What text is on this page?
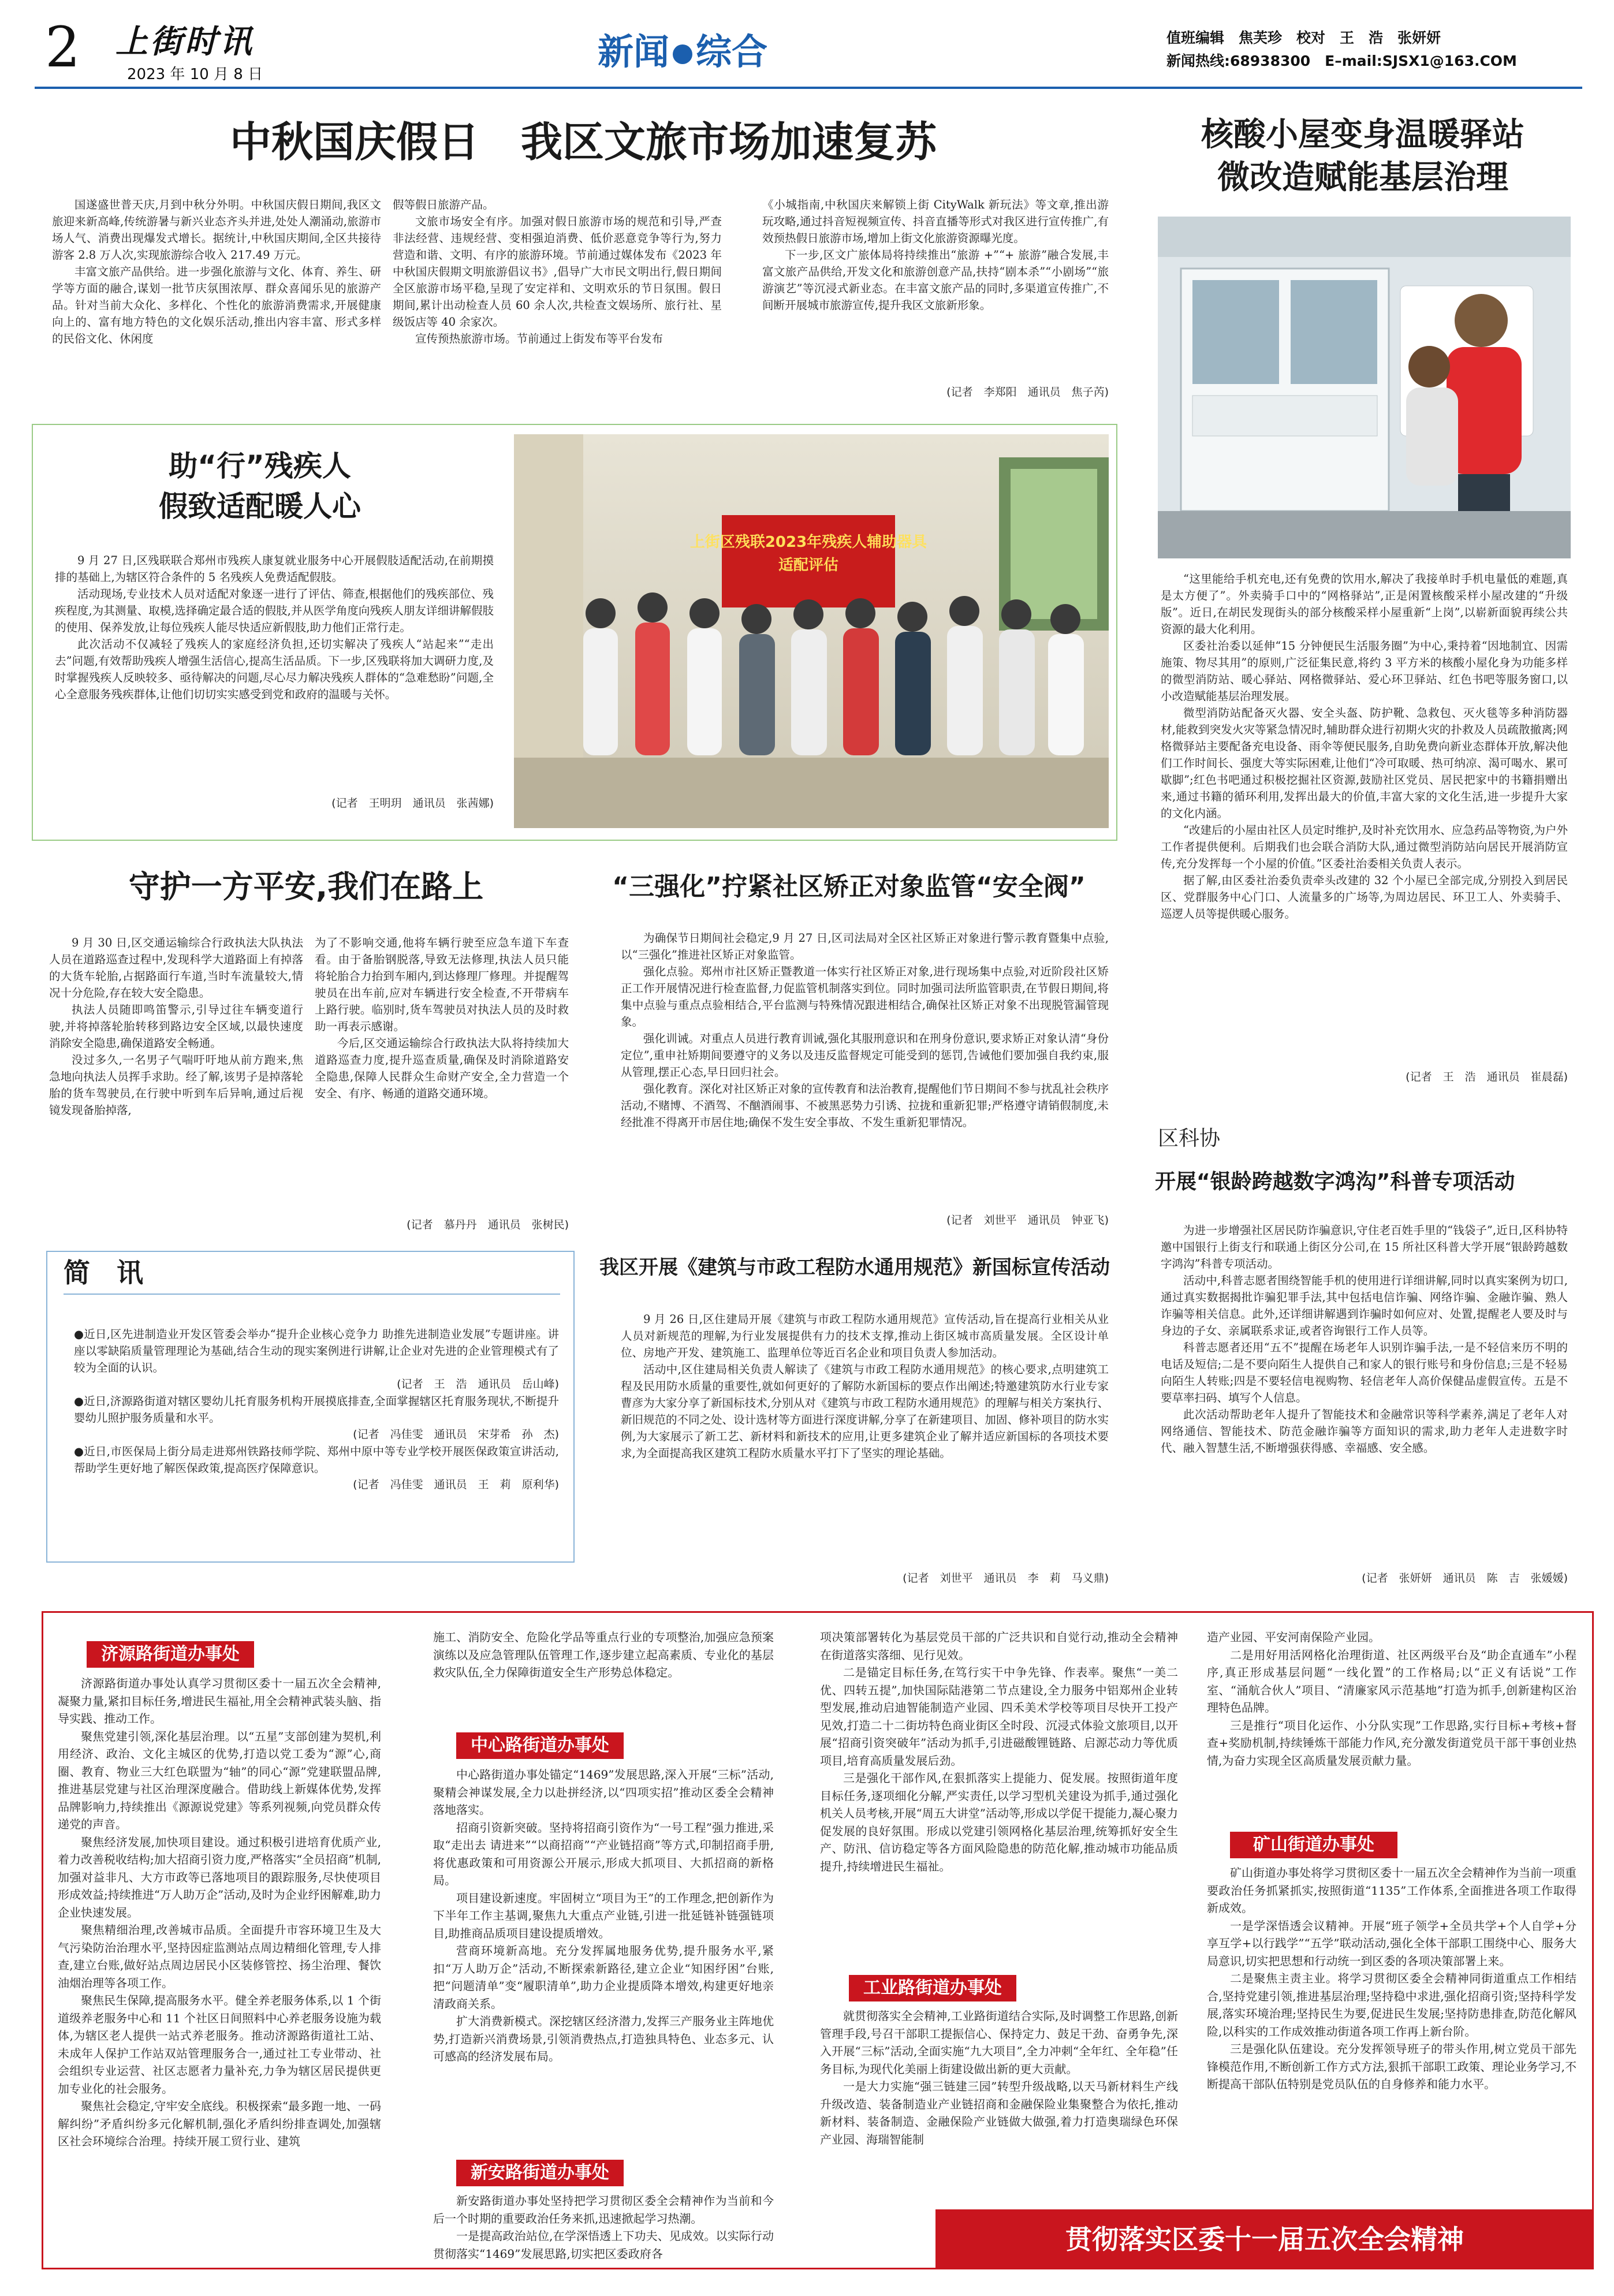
2 上街时讯
2023 年 10 月 8 日
新闻 综合	值班编辑　焦芙珍　校对　王　浩　张妍妍
新闻热线:68938300　E–mail:SJSX1@163.COM
中秋国庆假日　我区文旅市场加速复苏

国遂盛世普天庆,月到中秋分外明。中秋国庆假日期间,我区文旅迎来新高峰,传统游暑与新兴业态齐头并进,处处人潮涌动,旅游市场人气、消费出现爆发式增长。据统计,中秋国庆期间,全区共接待游客 2.8 万人次,实现旅游综合收入 217.49 万元。

丰富文旅产品供给。进一步强化旅游与文化、体育、养生、研学等方面的融合,谋划一批节庆氛围浓厚、群众喜闻乐见的旅游产品。针对当前大众化、多样化、个性化的旅游消费需求,开展健康向上的、富有地方特色的文化娱乐活动,推出内容丰富、形式多样的民俗文化、休闲度

假等假日旅游产品。

文旅市场安全有序。加强对假日旅游市场的规范和引导,严查非法经营、违规经营、变相强迫消费、低价恶意竞争等行为,努力营造和谐、文明、有序的旅游环境。节前通过媒体发布《2023 年中秋国庆假期文明旅游倡议书》,倡导广大市民文明出行,假日期间全区旅游市场平稳,呈现了安定祥和、文明欢乐的节日氛围。假日期间,累计出动检查人员 60 余人次,共检查文娱场所、旅行社、星级饭店等 40 余家次。

宣传预热旅游市场。节前通过上街发布等平台发布

《小城指南,中秋国庆来解锁上街 CityWalk 新玩法》等文章,推出游玩攻略,通过抖音短视频宣传、抖音直播等形式对我区进行宣传推广,有效预热假日旅游市场,增加上街文化旅游资源曝光度。

下一步,区文广旅体局将持续推出“旅游 +”“+ 旅游”融合发展,丰富文旅产品供给,开发文化和旅游创意产品,扶持“剧本杀”“小剧场”“旅游演艺”等沉浸式新业态。在丰富文旅产品的同时,多渠道宣传推广,不间断开展城市旅游宣传,提升我区文旅新形象。

(记者　李郑阳　通讯员　焦子芮)
助“行”残疾人
假致适配暖人心

9 月 27 日,区残联联合郑州市残疾人康复就业服务中心开展假肢适配活动,在前期摸排的基础上,为辖区符合条件的 5 名残疾人免费适配假肢。

活动现场,专业技术人员对适配对象逐一进行了评估、筛查,根据他们的残疾部位、残疾程度,为其测量、取模,选择确定最合适的假肢,并从医学角度向残疾人朋友详细讲解假肢的使用、保养发放,让每位残疾人能尽快适应新假肢,助力他们正常行走。

此次活动不仅减轻了残疾人的家庭经济负担,还切实解决了残疾人“站起来”“走出去”问题,有效帮助残疾人增强生活信心,提高生活品质。下一步,区残联将加大调研力度,及时掌握残疾人反映较多、亟待解决的问题,尽心尽力解决残疾人群体的“急难愁盼”问题,全心全意服务残疾群体,让他们切切实实感受到党和政府的温暖与关怀。

(记者　王明玥　通讯员　张茜娜)
上街区残联2023年残疾人辅助器具
适配评估
守护一方平安,我们在路上

9 月 30 日,区交通运输综合行政执法大队执法人员在道路巡查过程中,发现科学大道路面上有掉落的大货车轮胎,占据路面行车道,当时车流量较大,情况十分危险,存在较大安全隐患。

执法人员随即鸣笛警示,引导过往车辆变道行驶,并将掉落轮胎转移到路边安全区域,以最快速度消除安全隐患,确保道路安全畅通。

没过多久,一名男子气喘吁吁地从前方跑来,焦急地向执法人员挥手求助。经了解,该男子是掉落轮胎的货车驾驶员,在行驶中听到车后异响,通过后视镜发现备胎掉落,

为了不影响交通,他将车辆行驶至应急车道下车查看。由于备胎钢脱落,导致无法修理,执法人员只能将轮胎合力抬到车厢内,到达修理厂修理。并提醒驾驶员在出车前,应对车辆进行安全检查,不开带病车上路行驶。临别时,货车驾驶员对执法人员的及时救助一再表示感谢。

今后,区交通运输综合行政执法大队将持续加大道路巡查力度,提升巡查质量,确保及时消除道路安全隐患,保障人民群众生命财产安全,全力营造一个安全、有序、畅通的道路交通环境。

(记者　慕丹丹　通讯员　张树民)
“三强化”拧紧社区矫正对象监管“安全阀”

为确保节日期间社会稳定,9 月 27 日,区司法局对全区社区矫正对象进行警示教育暨集中点验,以“三强化”推进社区矫正对象监管。

强化点验。郑州市社区矫正暨教道一体实行社区矫正对象,进行现场集中点验,对近阶段社区矫正工作开展情况进行检查监督,力促监管机制落实到位。同时加强司法所监管职责,在节假日期间,将集中点验与重点点验相结合,平台监测与特殊情况跟进相结合,确保社区矫正对象不出现脱管漏管现象。

强化训诫。对重点人员进行教育训诫,强化其服刑意识和在刑身份意识,要求矫正对象认清“身份定位”,重申社矫期间要遵守的义务以及违反监督规定可能受到的惩罚,告诫他们要加强自我约束,服从管理,摆正心态,早日回归社会。

强化教育。深化对社区矫正对象的宣传教育和法治教育,提醒他们节日期间不参与扰乱社会秩序活动,不赌博、不酒驾、不酗酒闹事、不被黑恶势力引诱、拉拢和重新犯罪;严格遵守请销假制度,未经批准不得离开市居住地;确保不发生安全事故、不发生重新犯罪情况。

(记者　刘世平　通讯员　钟亚飞)
简　讯

●近日,区先进制造业开发区管委会举办“提升企业核心竞争力 助推先进制造业发展”专题讲座。讲座以零缺陷质量管理理论为基础,结合生动的现实案例进行讲解,让企业对先进的企业管理模式有了较为全面的认识。

(记者　王　浩　通讯员　岳山峰)

●近日,济源路街道对辖区婴幼儿托育服务机构开展摸底排查,全面掌握辖区托育服务现状,不断提升婴幼儿照护服务质量和水平。

(记者　冯佳雯　通讯员　宋芽希　孙　杰)

●近日,市医保局上街分局走进郑州铁路技师学院、郑州中原中等专业学校开展医保政策宣讲活动,帮助学生更好地了解医保政策,提高医疗保障意识。

(记者　冯佳雯　通讯员　王　莉　原利华)
我区开展《建筑与市政工程防水通用规范》新国标宣传活动

9 月 26 日,区住建局开展《建筑与市政工程防水通用规范》宣传活动,旨在提高行业相关从业人员对新规范的理解,为行业发展提供有力的技术支撑,推动上街区城市高质量发展。全区设计单位、房地产开发、建筑施工、监理单位等近百名企业和项目负责人参加活动。

活动中,区住建局相关负责人解读了《建筑与市政工程防水通用规范》的核心要求,点明建筑工程及民用防水质量的重要性,就如何更好的了解防水新国标的要点作出阐述;特邀建筑防水行业专家曹彦为大家分享了新国标技术,分别从对《建筑与市政工程防水通用规范》的理解与相关方案执行、新旧规范的不同之处、设计选材等方面进行深度讲解,分享了在新建项目、加固、修补项目的防水实例,为大家展示了新工艺、新材料和新技术的应用,让更多建筑企业了解并适应新国标的各项技术要求,为全面提高我区建筑工程防水质量水平打下了坚实的理论基础。

(记者　刘世平　通讯员　李　莉　马义鼎)
核酸小屋变身温暖驿站
微改造赋能基层治理

“这里能给手机充电,还有免费的饮用水,解决了我接单时手机电量低的难题,真是太方便了”。外卖骑手口中的“网格驿站”,正是闲置核酸采样小屋改建的“升级版”。近日,在胡民发现街头的部分核酸采样小屋重新“上岗”,以崭新面貌再续公共资源的最大化利用。

区委社治委以延伸“15 分钟便民生活服务圈”为中心,秉持着“因地制宜、因需施策、物尽其用”的原则,广泛征集民意,将约 3 平方米的核酸小屋化身为功能多样的微型消防站、暖心驿站、网格微驿站、爱心环卫驿站、红色书吧等服务窗口,以小改造赋能基层治理发展。

微型消防站配备灭火器、安全头盔、防护靴、急救包、灭火毯等多种消防器材,能救到突发火灾等紧急情况时,辅助群众进行初期火灾的扑救及人员疏散撤离;网格微驿站主要配备充电设备、雨伞等便民服务,自助免费向新业态群体开放,解决他们工作时间长、强度大等实际困难,让他们“冷可取暖、热可纳凉、渴可喝水、累可歇脚”;红色书吧通过积极挖掘社区资源,鼓励社区党员、居民把家中的书籍捐赠出来,通过书籍的循环利用,发挥出最大的价值,丰富大家的文化生活,进一步提升大家的文化内涵。

“改建后的小屋由社区人员定时维护,及时补充饮用水、应急药品等物资,为户外工作者提供便利。后期我们也会联合消防大队,通过微型消防站向居民开展消防宣传,充分发挥每一个小屋的价值。”区委社治委相关负责人表示。

据了解,由区委社治委负责牵头改建的 32 个小屋已全部完成,分别投入到居民区、党群服务中心门口、人流量多的广场等,为周边居民、环卫工人、外卖骑手、巡逻人员等提供暖心服务。

(记者　王　浩　通讯员　崔晨磊)
区科协
开展“银龄跨越数字鸿沟”科普专项活动

为进一步增强社区居民防诈骗意识,守住老百姓手里的“钱袋子”,近日,区科协特邀中国银行上街支行和联通上街区分公司,在 15 所社区科普大学开展“银龄跨越数字鸿沟”科普专项活动。

活动中,科普志愿者围绕智能手机的使用进行详细讲解,同时以真实案例为切口,通过真实数据揭批诈骗犯罪手法,其中包括电信诈骗、网络诈骗、金融诈骗、熟人诈骗等相关信息。此外,还详细讲解遇到诈骗时如何应对、处置,提醒老人要及时与身边的子女、亲属联系求证,或者咨询银行工作人员等。

科普志愿者还用“五不”提醒在场老年人识别诈骗手法,一是不轻信来历不明的电话及短信;二是不要向陌生人提供自己和家人的银行账号和身份信息;三是不轻易向陌生人转账;四是不要轻信电视购物、轻信老年人高价保健品虚假宣传。五是不要草率扫码、填写个人信息。

此次活动帮助老年人提升了智能技术和金融常识等科学素养,满足了老年人对网络通信、智能技术、防范金融诈骗等方面知识的需求,助力老年人走进数字时代、融入智慧生活,不断增强获得感、幸福感、安全感。

(记者　张妍妍　通讯员　陈　吉　张媛媛)
济源路街道办事处

济源路街道办事处认真学习贯彻区委十一届五次全会精神,凝聚力量,紧扣目标任务,增进民生福祉,用全会精神武装头脑、指导实践、推动工作。

聚焦党建引领,深化基层治理。以“五星”支部创建为契机,利用经济、政治、文化主城区的优势,打造以党工委为“源”心,商圈、教育、物业三大红色联盟为“轴”的同心“源”党建联盟品牌,推进基层党建与社区治理深度融合。借助线上新媒体优势,发挥品牌影响力,持续推出《源源说党建》等系列视频,向党员群众传递党的声音。

聚焦经济发展,加快项目建设。通过积极引进培育优质产业,着力改善税收结构;加大招商引资力度,严格落实“全员招商”机制,加强对益非凡、大方市政等已落地项目的跟踪服务,尽快使项目形成效益;持续推进“万人助万企”活动,及时为企业纾困解难,助力企业快速发展。

聚焦精细治理,改善城市品质。全面提升市容环境卫生及大气污染防治治理水平,坚持因症监测站点周边精细化管理,专人排查,建立台账,做好站点周边居民小区装修管控、扬尘治理、餐饮油烟治理等各项工作。

聚焦民生保障,提高服务水平。健全养老服务体系,以 1 个街道级养老服务中心和 11 个社区日间照料中心养老服务设施为载体,为辖区老人提供一站式养老服务。推动济源路街道社工站、未成年人保护工作站双站管理服务合一,通过社工专业带动、社会组织专业运营、社区志愿者力量补充,力争为辖区居民提供更加专业化的社会服务。

聚焦社会稳定,守牢安全底线。积极探索“最多跑一地、一码解纠纷”矛盾纠纷多元化解机制,强化矛盾纠纷排查调处,加强辖区社会环境综合治理。持续开展工贸行业、建筑

施工、消防安全、危险化学品等重点行业的专项整治,加强应急预案演练以及应急管理队伍管理工作,逐步建立起高素质、专业化的基层救灾队伍,全力保障街道安全生产形势总体稳定。

中心路街道办事处

中心路街道办事处锚定“1469”发展思路,深入开展“三标”活动,聚精会神谋发展,全力以赴拼经济,以“四项实招”推动区委全会精神落地落实。

招商引资新突破。坚持将招商引资作为“一号工程”强力推进,采取“走出去 请进来”“以商招商”“产业链招商”等方式,印制招商手册,将优惠政策和可用资源公开展示,形成大抓项目、大抓招商的新格局。

项目建设新速度。牢固树立“项目为王”的工作理念,把创新作为下半年工作主基调,聚焦九大重点产业链,引进一批延链补链强链项目,助推商品质项目建设提质增效。

营商环境新高地。充分发挥属地服务优势,提升服务水平,紧扣“万人助万企”活动,不断探索新路径,建立企业“知困纾困”台账,把“问题清单”变“履职清单”,助力企业提质降本增效,构建更好地亲清政商关系。

扩大消费新模式。深挖辖区经济潜力,发挥三产服务业主阵地优势,打造新兴消费场景,引领消费热点,打造独具特色、业态多元、认可感高的经济发展布局。

新安路街道办事处

新安路街道办事处坚持把学习贯彻区委全会精神作为当前和今后一个时期的重要政治任务来抓,迅速掀起学习热潮。

一是提高政治站位,在学深悟透上下功夫、见成效。以实际行动贯彻落实“1469”发展思路,切实把区委政府各

项决策部署转化为基层党员干部的广泛共识和自觉行动,推动全会精神在街道落实落细、见行见效。

二是锚定目标任务,在笃行实干中争先锋、作表率。聚焦“一美二优、四转五提”,加快国际陆港第二节点建设,全力服务中铝郑州企业转型发展,推动启迪智能制造产业园、四禾美术学校等项目尽快开工投产见效,打造二十二街坊特色商业街区全时段、沉浸式体验文旅项目,以开展“招商引资突破年”活动为抓手,引进磁酸锂链路、启源芯动力等优质项目,培育高质量发展后劲。

三是强化干部作风,在狠抓落实上提能力、促发展。按照街道年度目标任务,逐项细化分解,严实责任,以学习型机关建设为抓手,通过强化机关人员考核,开展“周五大讲堂”活动等,形成以学促干提能力,凝心聚力促发展的良好氛围。形成以党建引领网格化基层治理,统筹抓好安全生产、防汛、信访稳定等各方面风险隐患的防范化解,推动城市功能品质提升,持续增进民生福祉。

工业路街道办事处

就贯彻落实全会精神,工业路街道结合实际,及时调整工作思路,创新管理手段,号召干部职工提振信心、保持定力、鼓足干劲、奋勇争先,深入开展“三标”活动,全面实施“九大项目”,全力冲刺“全年红、全年稳”任务目标,为现代化美丽上街建设做出新的更大贡献。

一是大力实施“强三链建三园”转型升级战略,以天马新材料生产线升级改造、装备制造业产业链招商和金融保险业集聚整合为依托,推动新材料、装备制造、金融保险产业链做大做强,着力打造奥瑞绿色环保产业园、海瑞智能制

造产业园、平安河南保险产业园。

二是用好用活网格化治理街道、社区两级平台及“助企直通车”小程序,真正形成基层问题“一线化置”的工作格局;以“正义有话说”工作室、“涌航合伙人”项目、“清廉家风示范基地”打造为抓手,创新建构区治理特色品牌。

三是推行“项目化运作、小分队实现”工作思路,实行目标+考核+督查+奖励机制,持续锤炼干部能力作风,充分激发街道党员干部干事创业热情,为奋力实现全区高质量发展贡献力量。

矿山街道办事处

矿山街道办事处将学习贯彻区委十一届五次全会精神作为当前一项重要政治任务抓紧抓实,按照街道“1135”工作体系,全面推进各项工作取得新成效。

一是学深悟透会议精神。开展“班子领学+全员共学+个人自学+分享互学+以行践学”“五学”联动活动,强化全体干部职工围绕中心、服务大局意识,切实把思想和行动统一到区委的各项决策部署上来。

二是聚焦主责主业。将学习贯彻区委全会精神同街道重点工作相结合,坚持党建引领,推进基层治理;坚持稳中求进,强化招商引资;坚持科学发展,落实环境治理;坚持民生为要,促进民生发展;坚持防患排查,防范化解风险,以科实的工作成效推动街道各项工作再上新台阶。

三是强化队伍建设。充分发挥领导班子的带头作用,树立党员干部先锋模范作用,不断创新工作方式方法,狠抓干部职工政策、理论业务学习,不断提高干部队伍特别是党员队伍的自身修养和能力水平。

贯彻落实区委十一届五次全会精神
